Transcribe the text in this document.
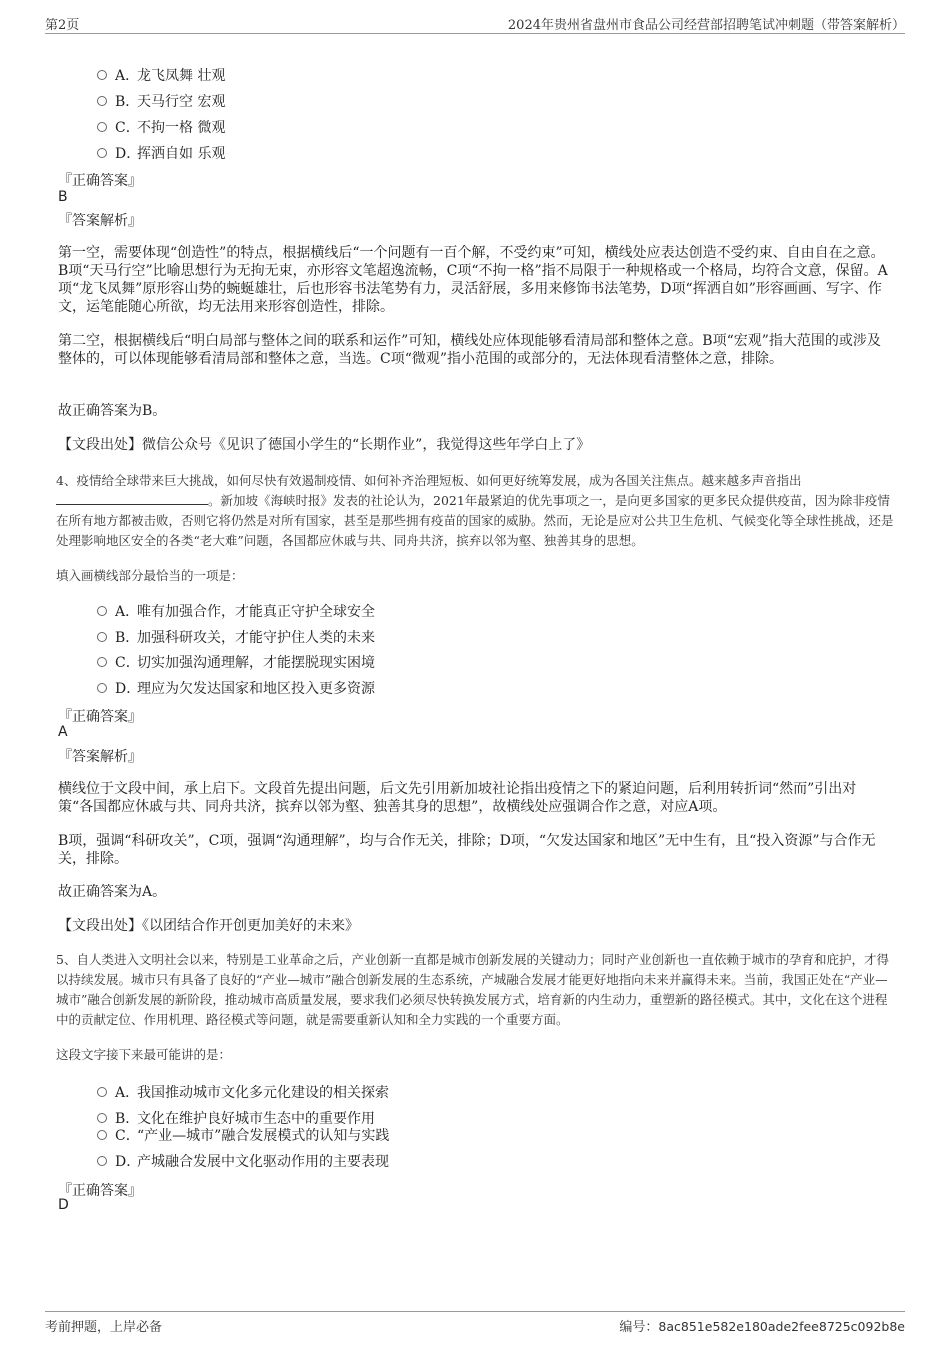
第2页	2024年贵州省盘州市食品公司经营部招聘笔试冲刺题（带答案解析）
A．龙飞凤舞 壮观
B．天马行空 宏观
C．不拘一格 微观
D．挥洒自如 乐观
『正确答案』
B
『答案解析』

第一空，需要体现“创造性”的特点，根据横线后“一个问题有一百个解，不受约束”可知，横线处应表达创造不受约束、自由自在之意。B项“天马行空”比喻思想行为无拘无束，亦形容文笔超逸流畅，C项“不拘一格”指不局限于一种规格或一个格局，均符合文意，保留。A项“龙飞凤舞”原形容山势的蜿蜒雄壮，后也形容书法笔势有力，灵活舒展，多用来修饰书法笔势，D项“挥洒自如”形容画画、写字、作文，运笔能随心所欲，均无法用来形容创造性，排除。

第二空，根据横线后“明白局部与整体之间的联系和运作”可知，横线处应体现能够看清局部和整体之意。B项“宏观”指大范围的或涉及整体的，可以体现能够看清局部和整体之意，当选。C项“微观”指小范围的或部分的，无法体现看清整体之意，排除。

故正确答案为B。

【文段出处】微信公众号《见识了德国小学生的“长期作业”，我觉得这些年学白上了》

4、疫情给全球带来巨大挑战，如何尽快有效遏制疫情、如何补齐治理短板、如何更好统筹发展，成为各国关注焦点。越来越多声音指出。新加坡《海峡时报》发表的社论认为，2021年最紧迫的优先事项之一，是向更多国家的更多民众提供疫苗，因为除非疫情在所有地方都被击败，否则它将仍然是对所有国家，甚至是那些拥有疫苗的国家的威胁。然而，无论是应对公共卫生危机、气候变化等全球性挑战，还是处理影响地区安全的各类“老大难”问题，各国都应休戚与共、同舟共济，摈弃以邻为壑、独善其身的思想。

填入画横线部分最恰当的一项是：
A．唯有加强合作，才能真正守护全球安全
B．加强科研攻关，才能守护住人类的未来
C．切实加强沟通理解，才能摆脱现实困境
D．理应为欠发达国家和地区投入更多资源
『正确答案』
A
『答案解析』

横线位于文段中间，承上启下。文段首先提出问题，后文先引用新加坡社论指出疫情之下的紧迫问题，后利用转折词“然而”引出对策“各国都应休戚与共、同舟共济，摈弃以邻为壑、独善其身的思想”，故横线处应强调合作之意，对应A项。

B项，强调“科研攻关”，C项，强调“沟通理解”，均与合作无关，排除；D项，“欠发达国家和地区”无中生有，且“投入资源”与合作无关，排除。

故正确答案为A。

【文段出处】《以团结合作开创更加美好的未来》

5、自人类进入文明社会以来，特别是工业革命之后，产业创新一直都是城市创新发展的关键动力；同时产业创新也一直依赖于城市的孕育和庇护，才得以持续发展。城市只有具备了良好的“产业—城市”融合创新发展的生态系统，产城融合发展才能更好地指向未来并赢得未来。当前，我国正处在“产业—城市”融合创新发展的新阶段，推动城市高质量发展，要求我们必须尽快转换发展方式，培育新的内生动力，重塑新的路径模式。其中，文化在这个进程中的贡献定位、作用机理、路径模式等问题，就是需要重新认知和全力实践的一个重要方面。

这段文字接下来最可能讲的是：
A．我国推动城市文化多元化建设的相关探索
B．文化在维护良好城市生态中的重要作用
C．“产业—城市”融合发展模式的认知与实践
D．产城融合发展中文化驱动作用的主要表现
『正确答案』
D
考前押题，上岸必备	编号：8ac851e582e180ade2fee8725c092b8e
